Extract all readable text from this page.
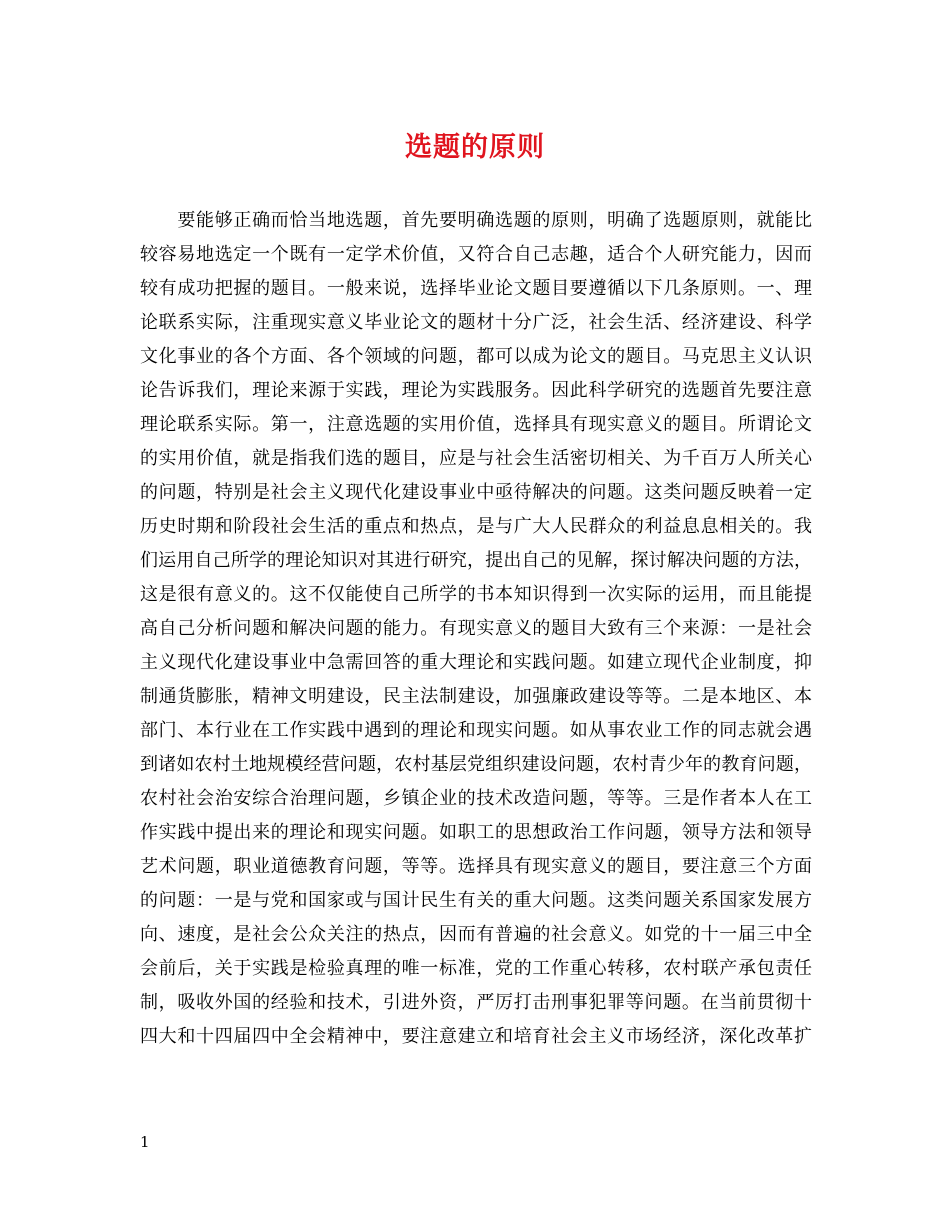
选题的原则
　　要能够正确而恰当地选题，首先要明确选题的原则，明确了选题原则，就能比
较容易地选定一个既有一定学术价值，又符合自己志趣，适合个人研究能力，因而
较有成功把握的题目。一般来说，选择毕业论文题目要遵循以下几条原则。一、理
论联系实际，注重现实意义毕业论文的题材十分广泛，社会生活、经济建设、科学
文化事业的各个方面、各个领域的问题，都可以成为论文的题目。马克思主义认识
论告诉我们，理论来源于实践，理论为实践服务。因此科学研究的选题首先要注意
理论联系实际。第一，注意选题的实用价值，选择具有现实意义的题目。所谓论文
的实用价值，就是指我们选的题目，应是与社会生活密切相关、为千百万人所关心
的问题，特别是社会主义现代化建设事业中亟待解决的问题。这类问题反映着一定
历史时期和阶段社会生活的重点和热点，是与广大人民群众的利益息息相关的。我
们运用自己所学的理论知识对其进行研究，提出自己的见解，探讨解决问题的方法，
这是很有意义的。这不仅能使自己所学的书本知识得到一次实际的运用，而且能提
高自己分析问题和解决问题的能力。有现实意义的题目大致有三个来源：一是社会
主义现代化建设事业中急需回答的重大理论和实践问题。如建立现代企业制度，抑
制通货膨胀，精神文明建设，民主法制建设，加强廉政建设等等。二是本地区、本
部门、本行业在工作实践中遇到的理论和现实问题。如从事农业工作的同志就会遇
到诸如农村土地规模经营问题，农村基层党组织建设问题，农村青少年的教育问题，
农村社会治安综合治理问题，乡镇企业的技术改造问题，等等。三是作者本人在工
作实践中提出来的理论和现实问题。如职工的思想政治工作问题，领导方法和领导
艺术问题，职业道德教育问题，等等。选择具有现实意义的题目，要注意三个方面
的问题：一是与党和国家或与国计民生有关的重大问题。这类问题关系国家发展方
向、速度，是社会公众关注的热点，因而有普遍的社会意义。如党的十一届三中全
会前后，关于实践是检验真理的唯一标准，党的工作重心转移，农村联产承包责任
制，吸收外国的经验和技术，引进外资，严厉打击刑事犯罪等问题。在当前贯彻十
四大和十四届四中全会精神中，要注意建立和培育社会主义市场经济，深化改革扩
1
